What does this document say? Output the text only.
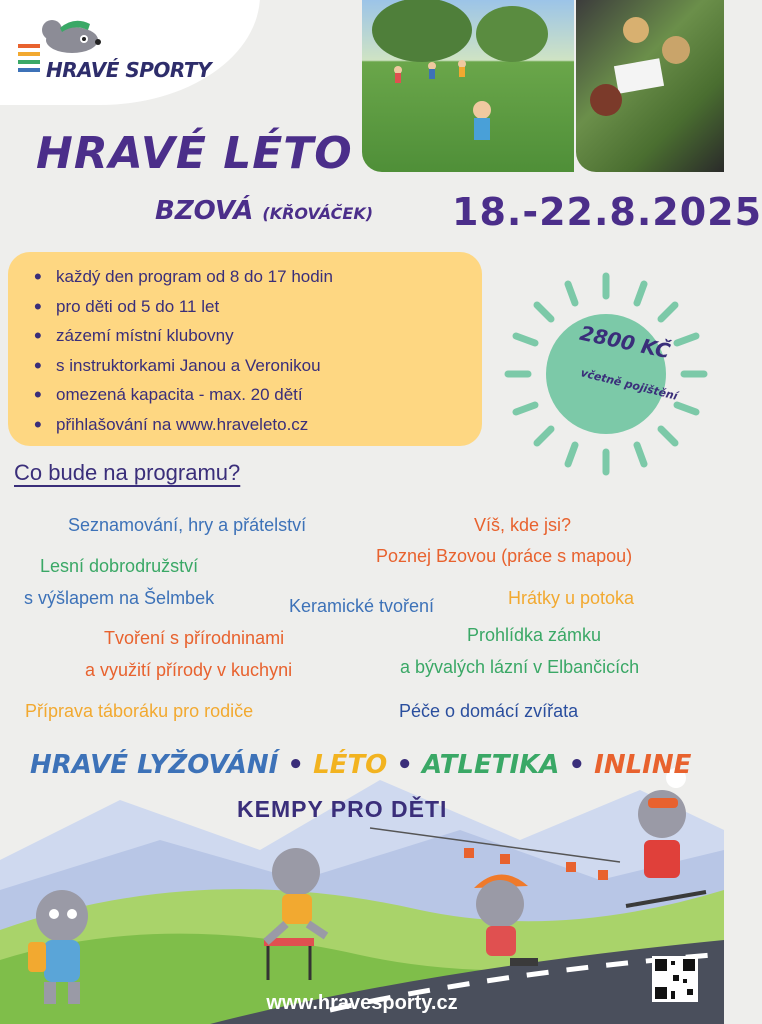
HRAVÉ SPORTY
HRAVÉ LÉTO
BZOVÁ (KŘOVÁČEK) 18.-22.8.2025
• každý den program od 8 do 17 hodin
• pro děti od 5 do 11 let
• zázemí místní klubovny
• s instruktorkami Janou a Veronikou
• omezená kapacita - max. 20 dětí
• přihlašování na www.hraveleto.cz
2800 KČ
včetně pojištění
Co bude na programu?
Seznamování, hry a přátelství	Víš, kde jsi?
Poznej Bzovou (práce s mapou)
Lesní dobrodružství
s výšlapem na Šelmbek	Keramické tvoření	Hrátky u potoka
Tvoření s přírodninami	Prohlídka zámku
a využití přírody v kuchyni	a bývalých lázní v Elbančicích
Příprava táboráku pro rodiče	Péče o domácí zvířata
HRAVÉ LYŽOVÁNÍ • LÉTO • ATLETIKA • INLINE
KEMPY PRO DĚTI
www.hravesporty.cz
